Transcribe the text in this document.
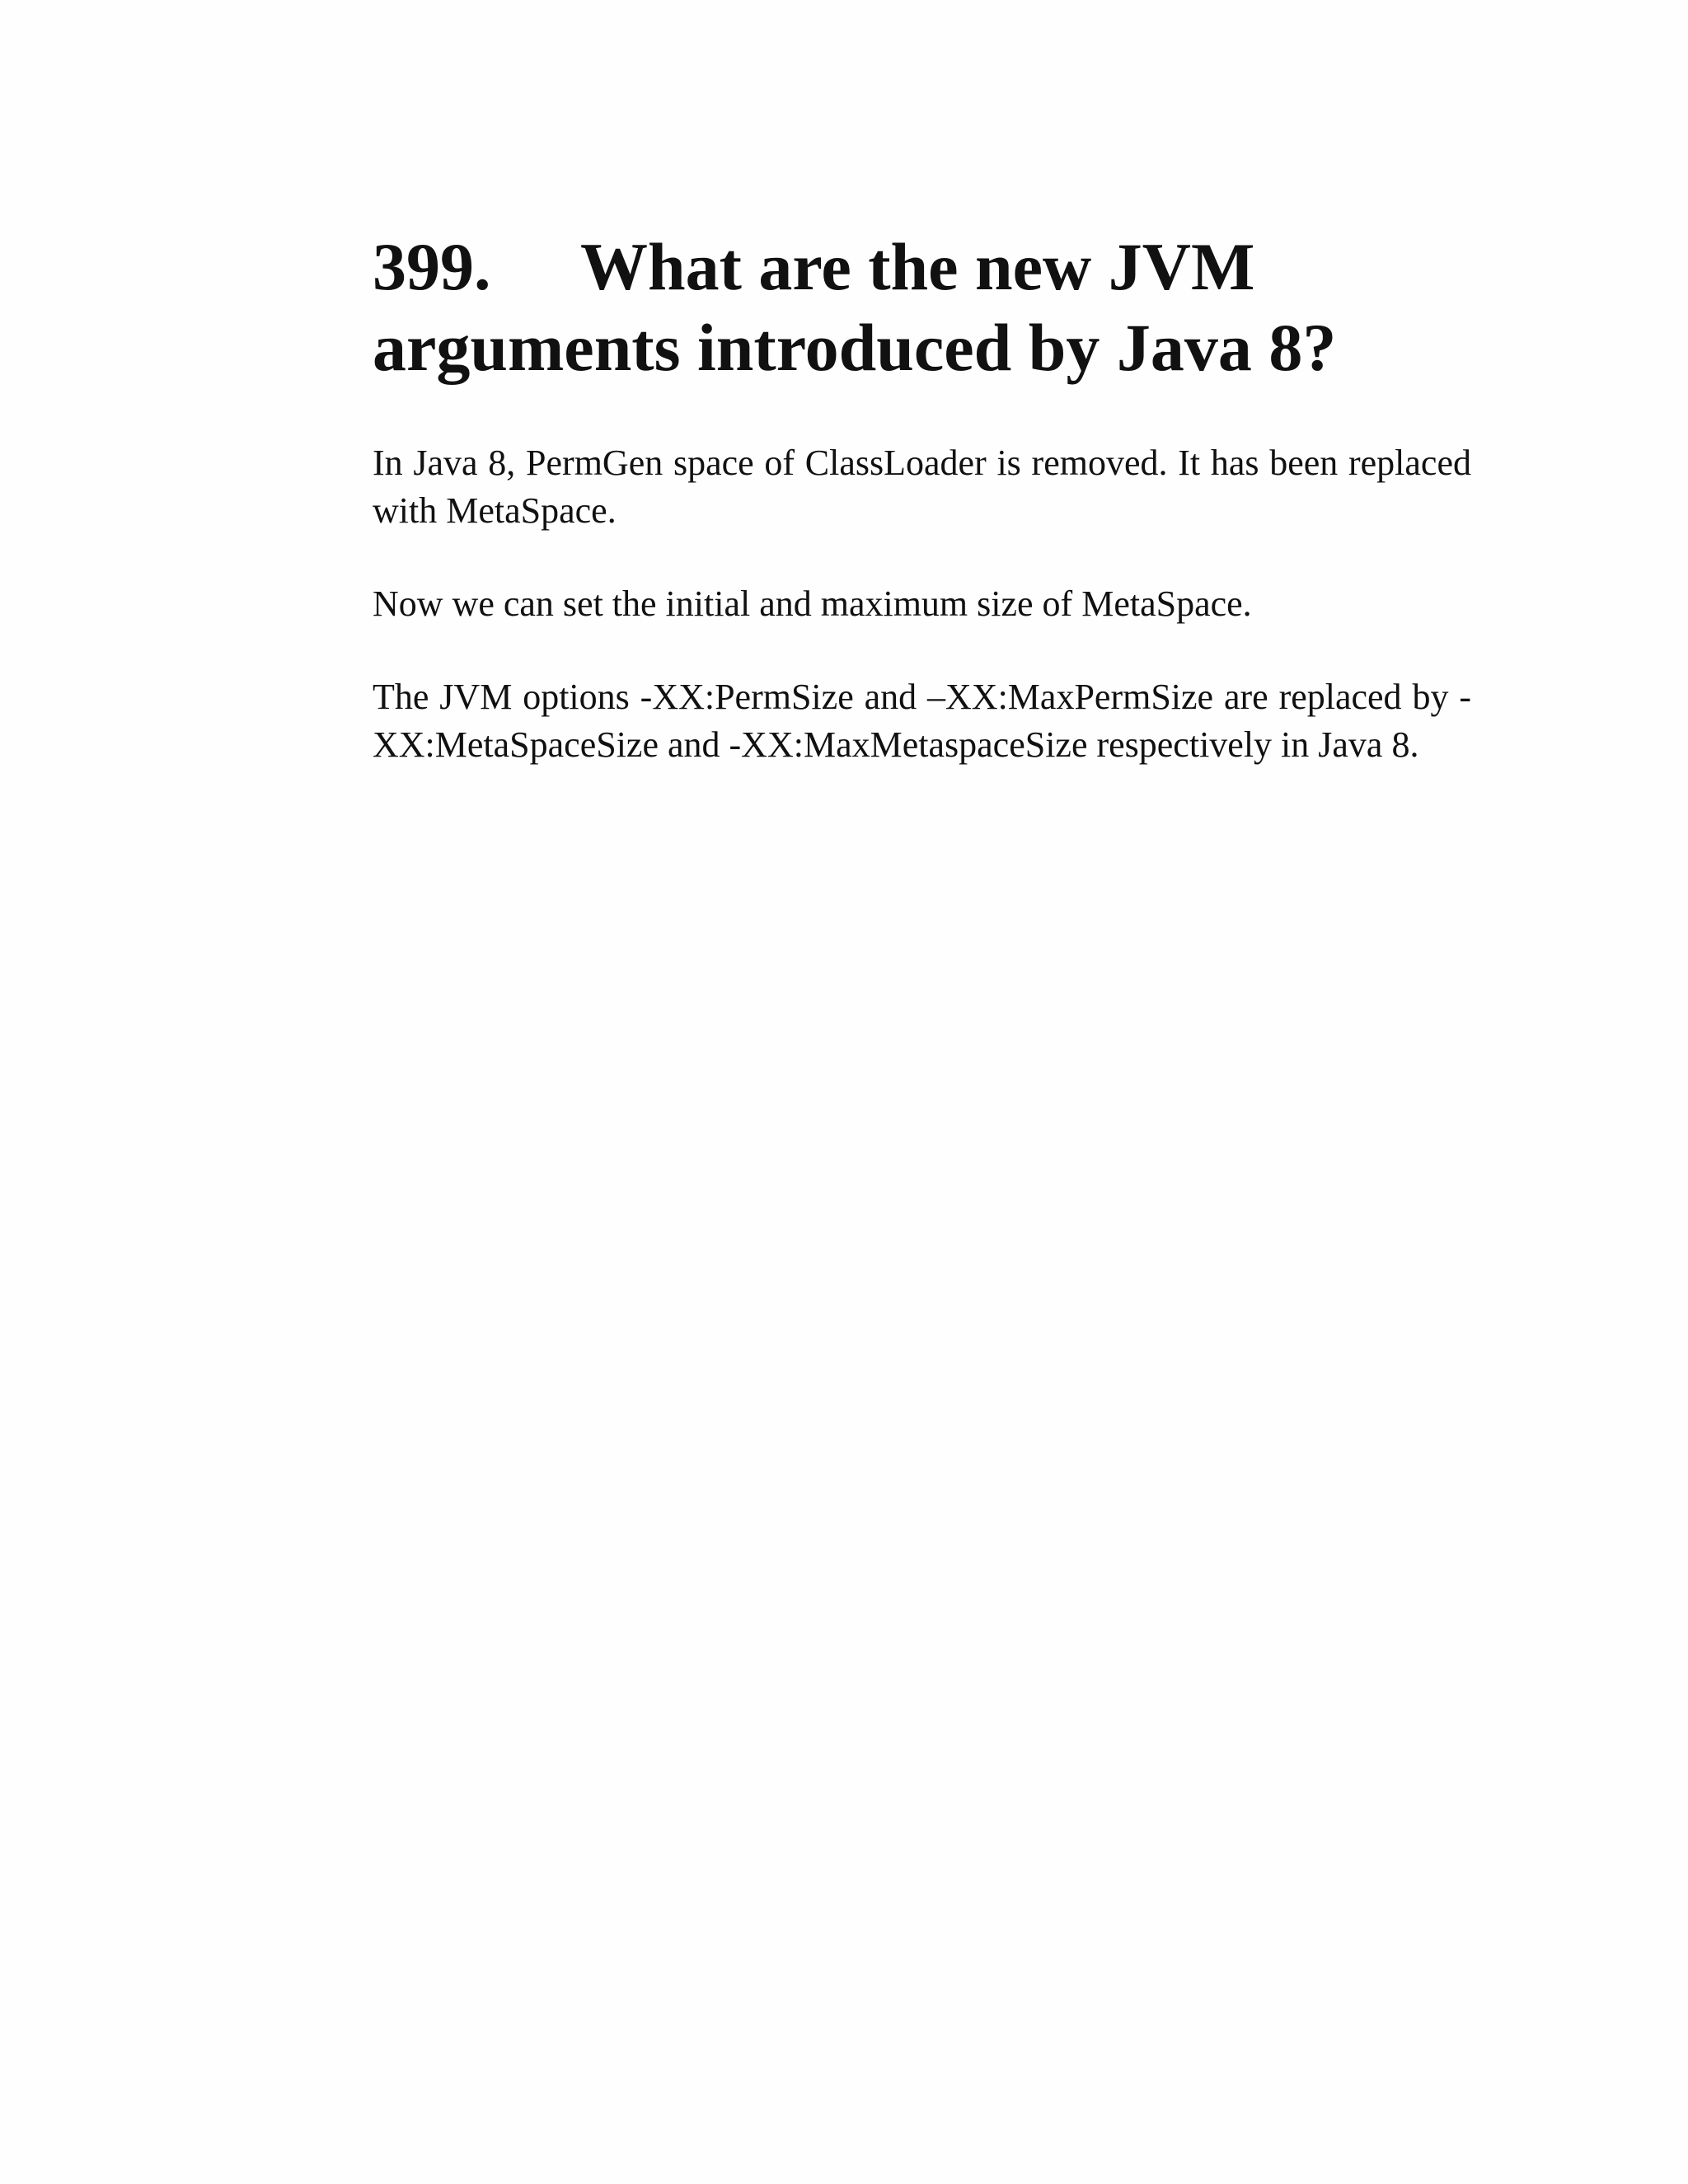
399. What are the new JVM
arguments introduced by Java 8?

In Java 8, PermGen space of ClassLoader is removed. It has been replaced with MetaSpace.

Now we can set the initial and maximum size of MetaSpace.

The JVM options -XX:PermSize and –XX:MaxPermSize are replaced by -XX:MetaSpaceSize and -XX:MaxMetaspaceSize respectively in Java 8.
